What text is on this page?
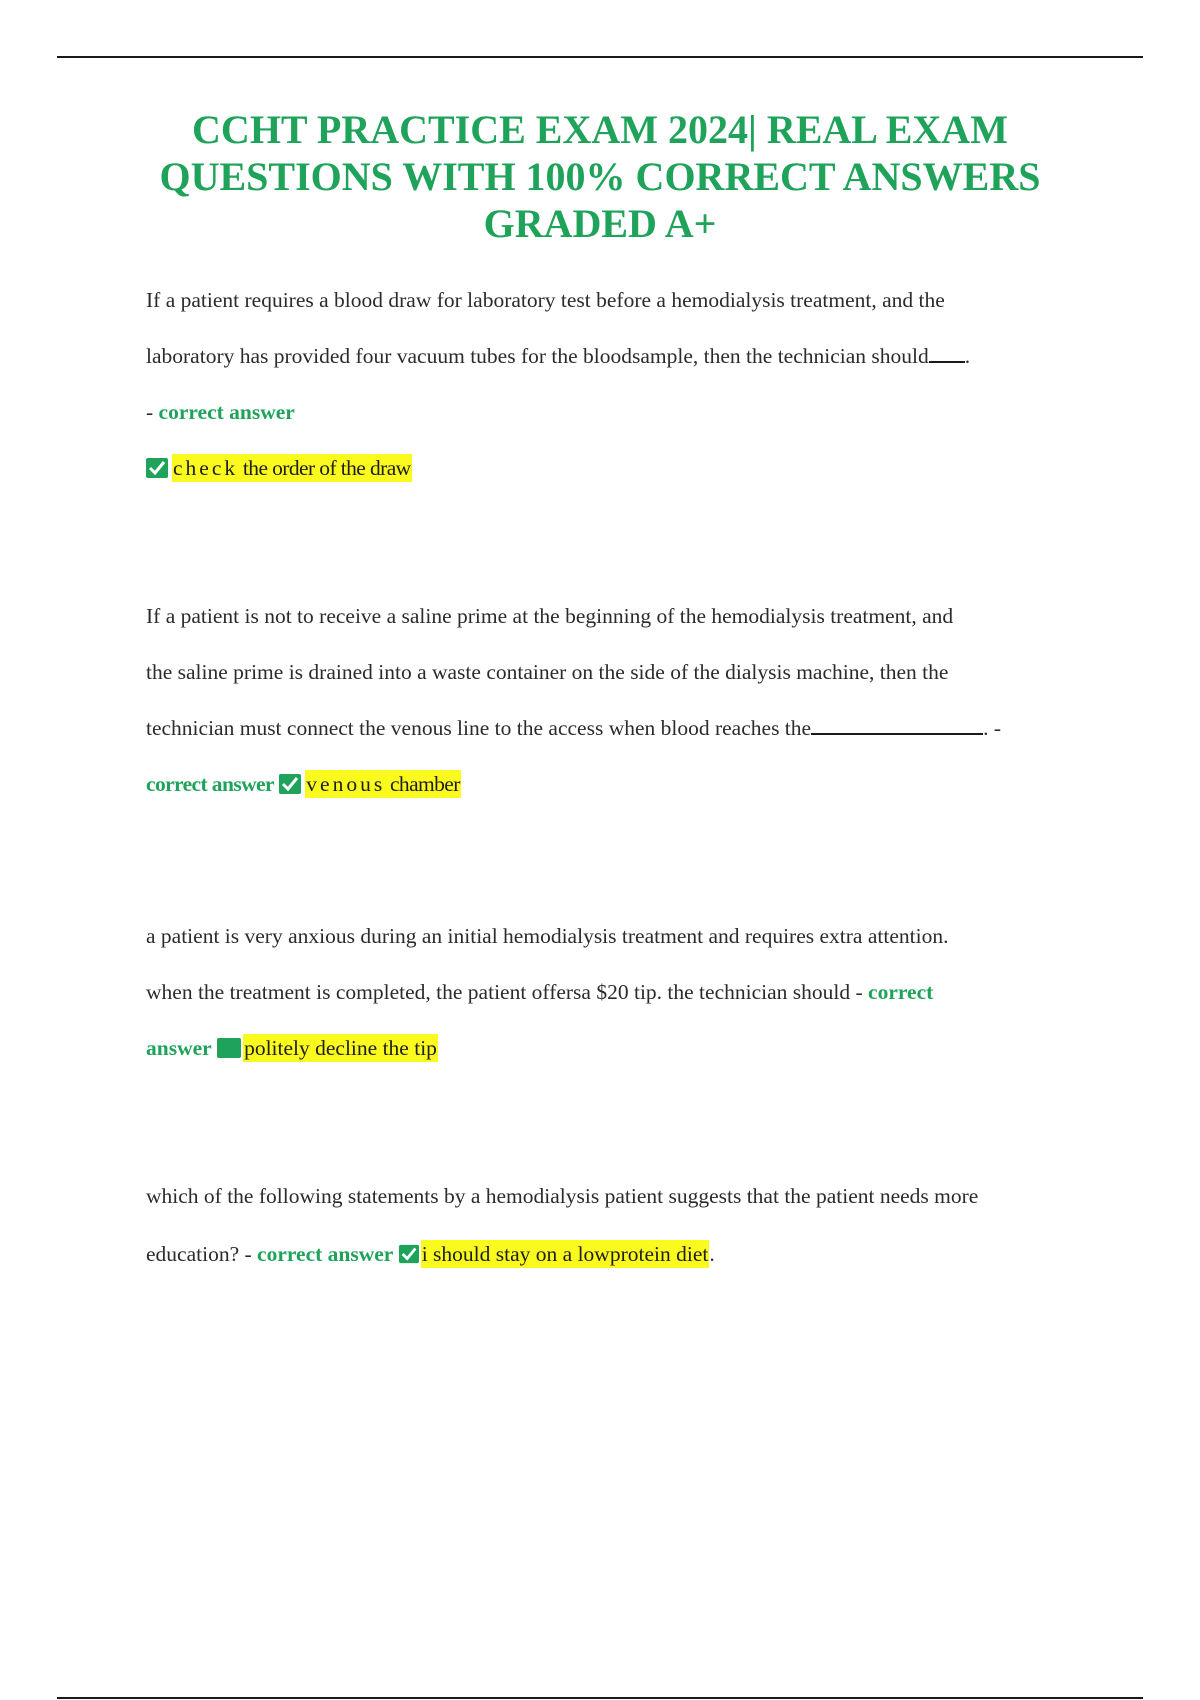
CCHT PRACTICE EXAM 2024| REAL EXAM
QUESTIONS WITH 100% CORRECT ANSWERS
GRADED A+
If a patient requires a blood draw for laboratory test before a hemodialysis treatment, and the
laboratory has provided four vacuum tubes for the bloodsample, then the technician should .
- correct answer
check the order of the draw
If a patient is not to receive a saline prime at the beginning of the hemodialysis treatment, and
the saline prime is drained into a waste container on the side of the dialysis machine, then the
technician must connect the venous line to the access when blood reaches the	. -
correct answer venous chamber
a patient is very anxious during an initial hemodialysis treatment and requires extra attention.
when the treatment is completed, the patient offersa $20 tip. the technician should - correct
answer politely decline the tip
which of the following statements by a hemodialysis patient suggests that the patient needs more
education? - correct answer i should stay on a lowprotein diet.
